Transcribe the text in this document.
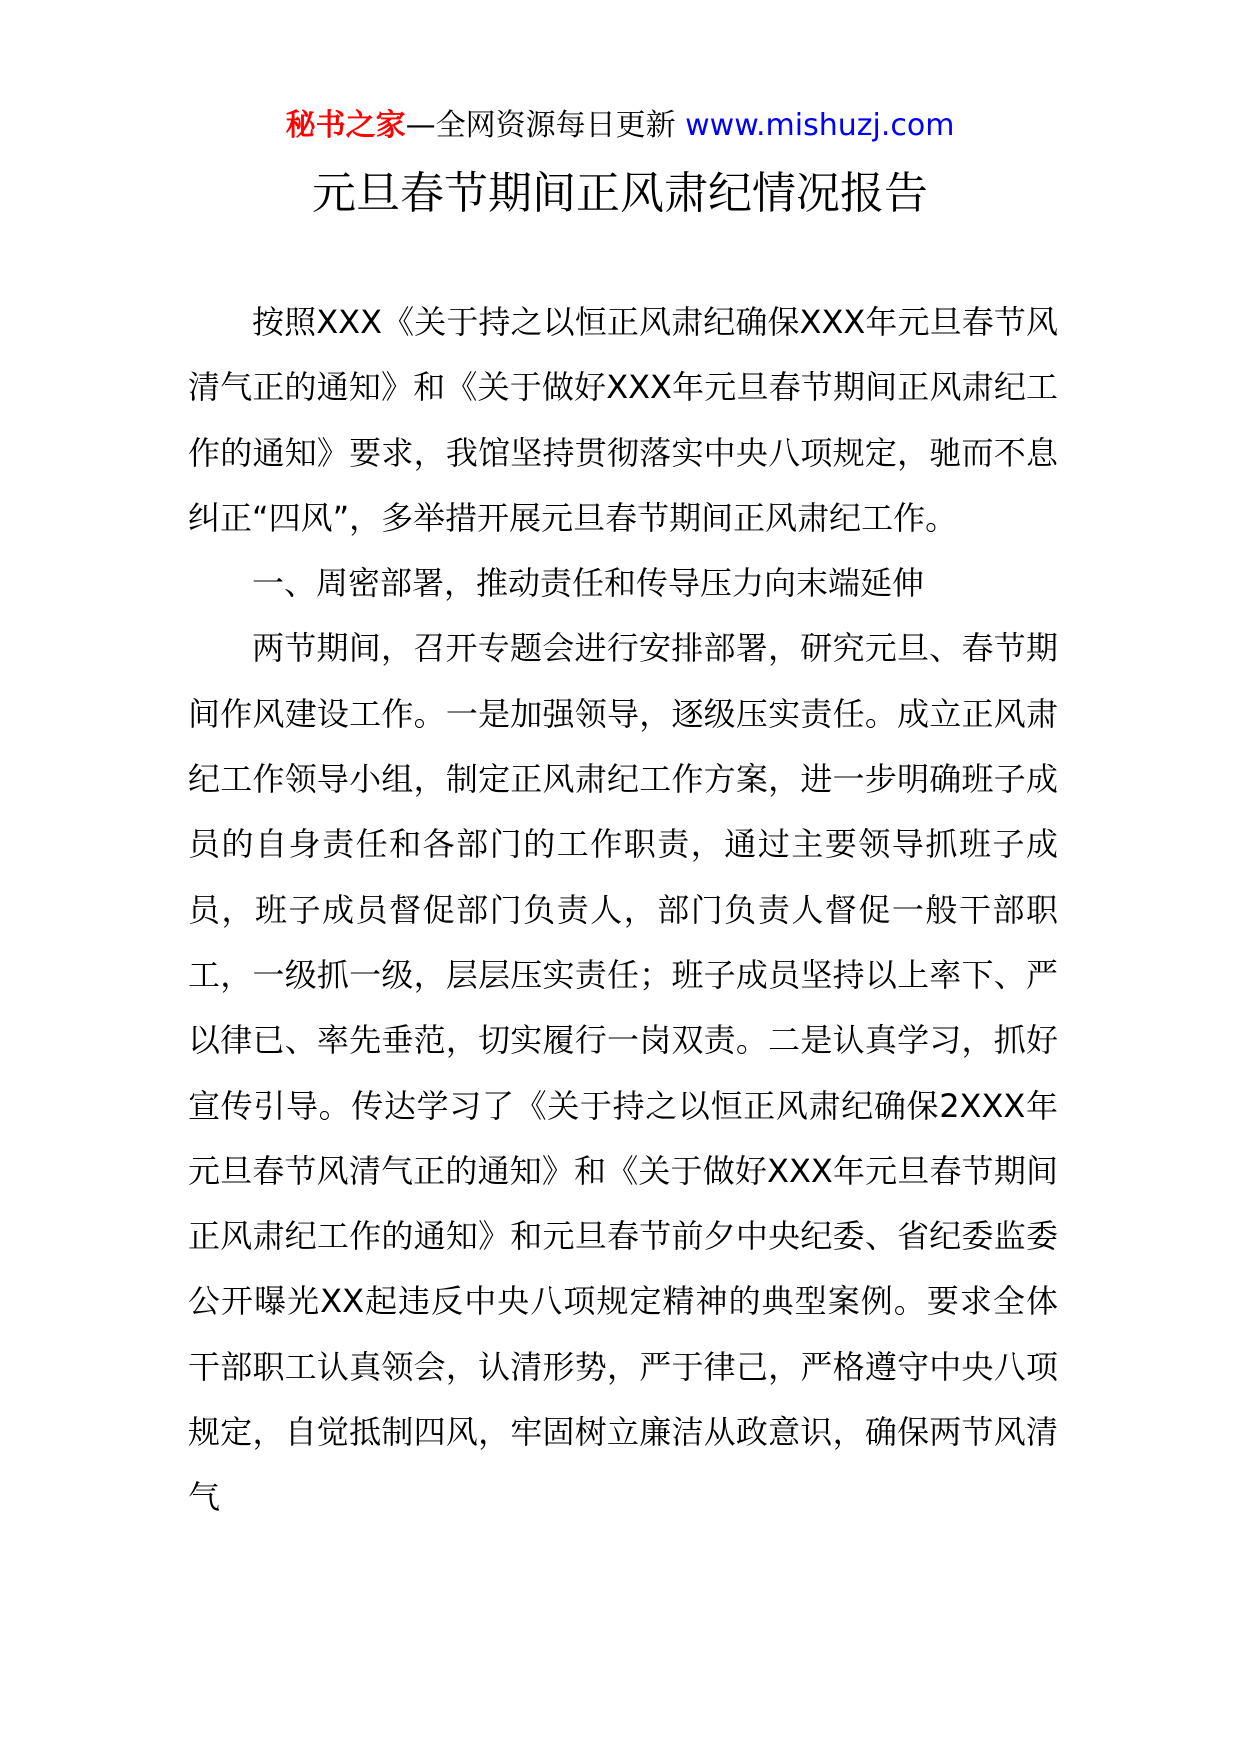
秘书之家—全网资源每日更新 www.mishuzj.com
元旦春节期间正风肃纪情况报告

按照XXX《关于持之以恒正风肃纪确保XXX年元旦春节风清气正的通知》和《关于做好XXX年元旦春节期间正风肃纪工作的通知》要求，我馆坚持贯彻落实中央八项规定，驰而不息纠正“四风”，多举措开展元旦春节期间正风肃纪工作。

一、周密部署，推动责任和传导压力向末端延伸

两节期间，召开专题会进行安排部署，研究元旦、春节期间作风建设工作。一是加强领导，逐级压实责任。成立正风肃纪工作领导小组，制定正风肃纪工作方案，进一步明确班子成员的自身责任和各部门的工作职责，通过主要领导抓班子成员，班子成员督促部门负责人，部门负责人督促一般干部职工，一级抓一级，层层压实责任；班子成员坚持以上率下、严以律已、率先垂范，切实履行一岗双责。二是认真学习，抓好宣传引导。传达学习了《关于持之以恒正风肃纪确保2XXX年元旦春节风清气正的通知》和《关于做好XXX年元旦春节期间正风肃纪工作的通知》和元旦春节前夕中央纪委、省纪委监委公开曝光XX起违反中央八项规定精神的典型案例。要求全体干部职工认真领会，认清形势，严于律己，严格遵守中央八项规定，自觉抵制四风，牢固树立廉洁从政意识，确保两节风清气
